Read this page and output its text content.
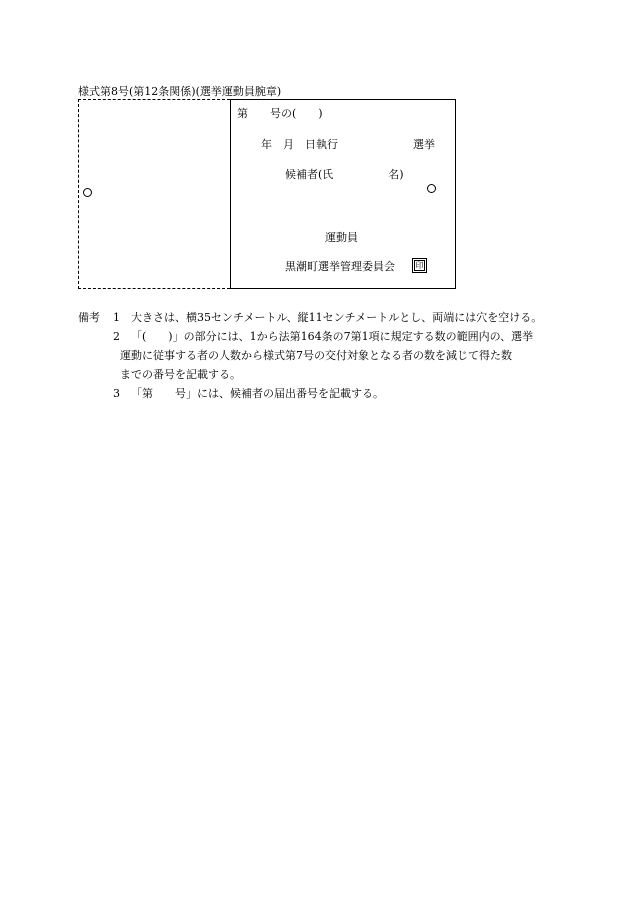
様式第8号(第12条関係)(選挙運動員腕章)
第　　号の(　　)
年　月　日執行	選挙
候補者(氏　　　　　名)
運動員
黒潮町選挙管理委員会	印
備考 1 大きさは、横35センチメートル、縦11センチメートルとし、両端には穴を空ける。
2 「(　　)」の部分には、1から法第164条の7第1項に規定する数の範囲内の、選挙
運動に従事する者の人数から様式第7号の交付対象となる者の数を減じて得た数
までの番号を記載する。
3 「第　　号」には、候補者の届出番号を記載する。
